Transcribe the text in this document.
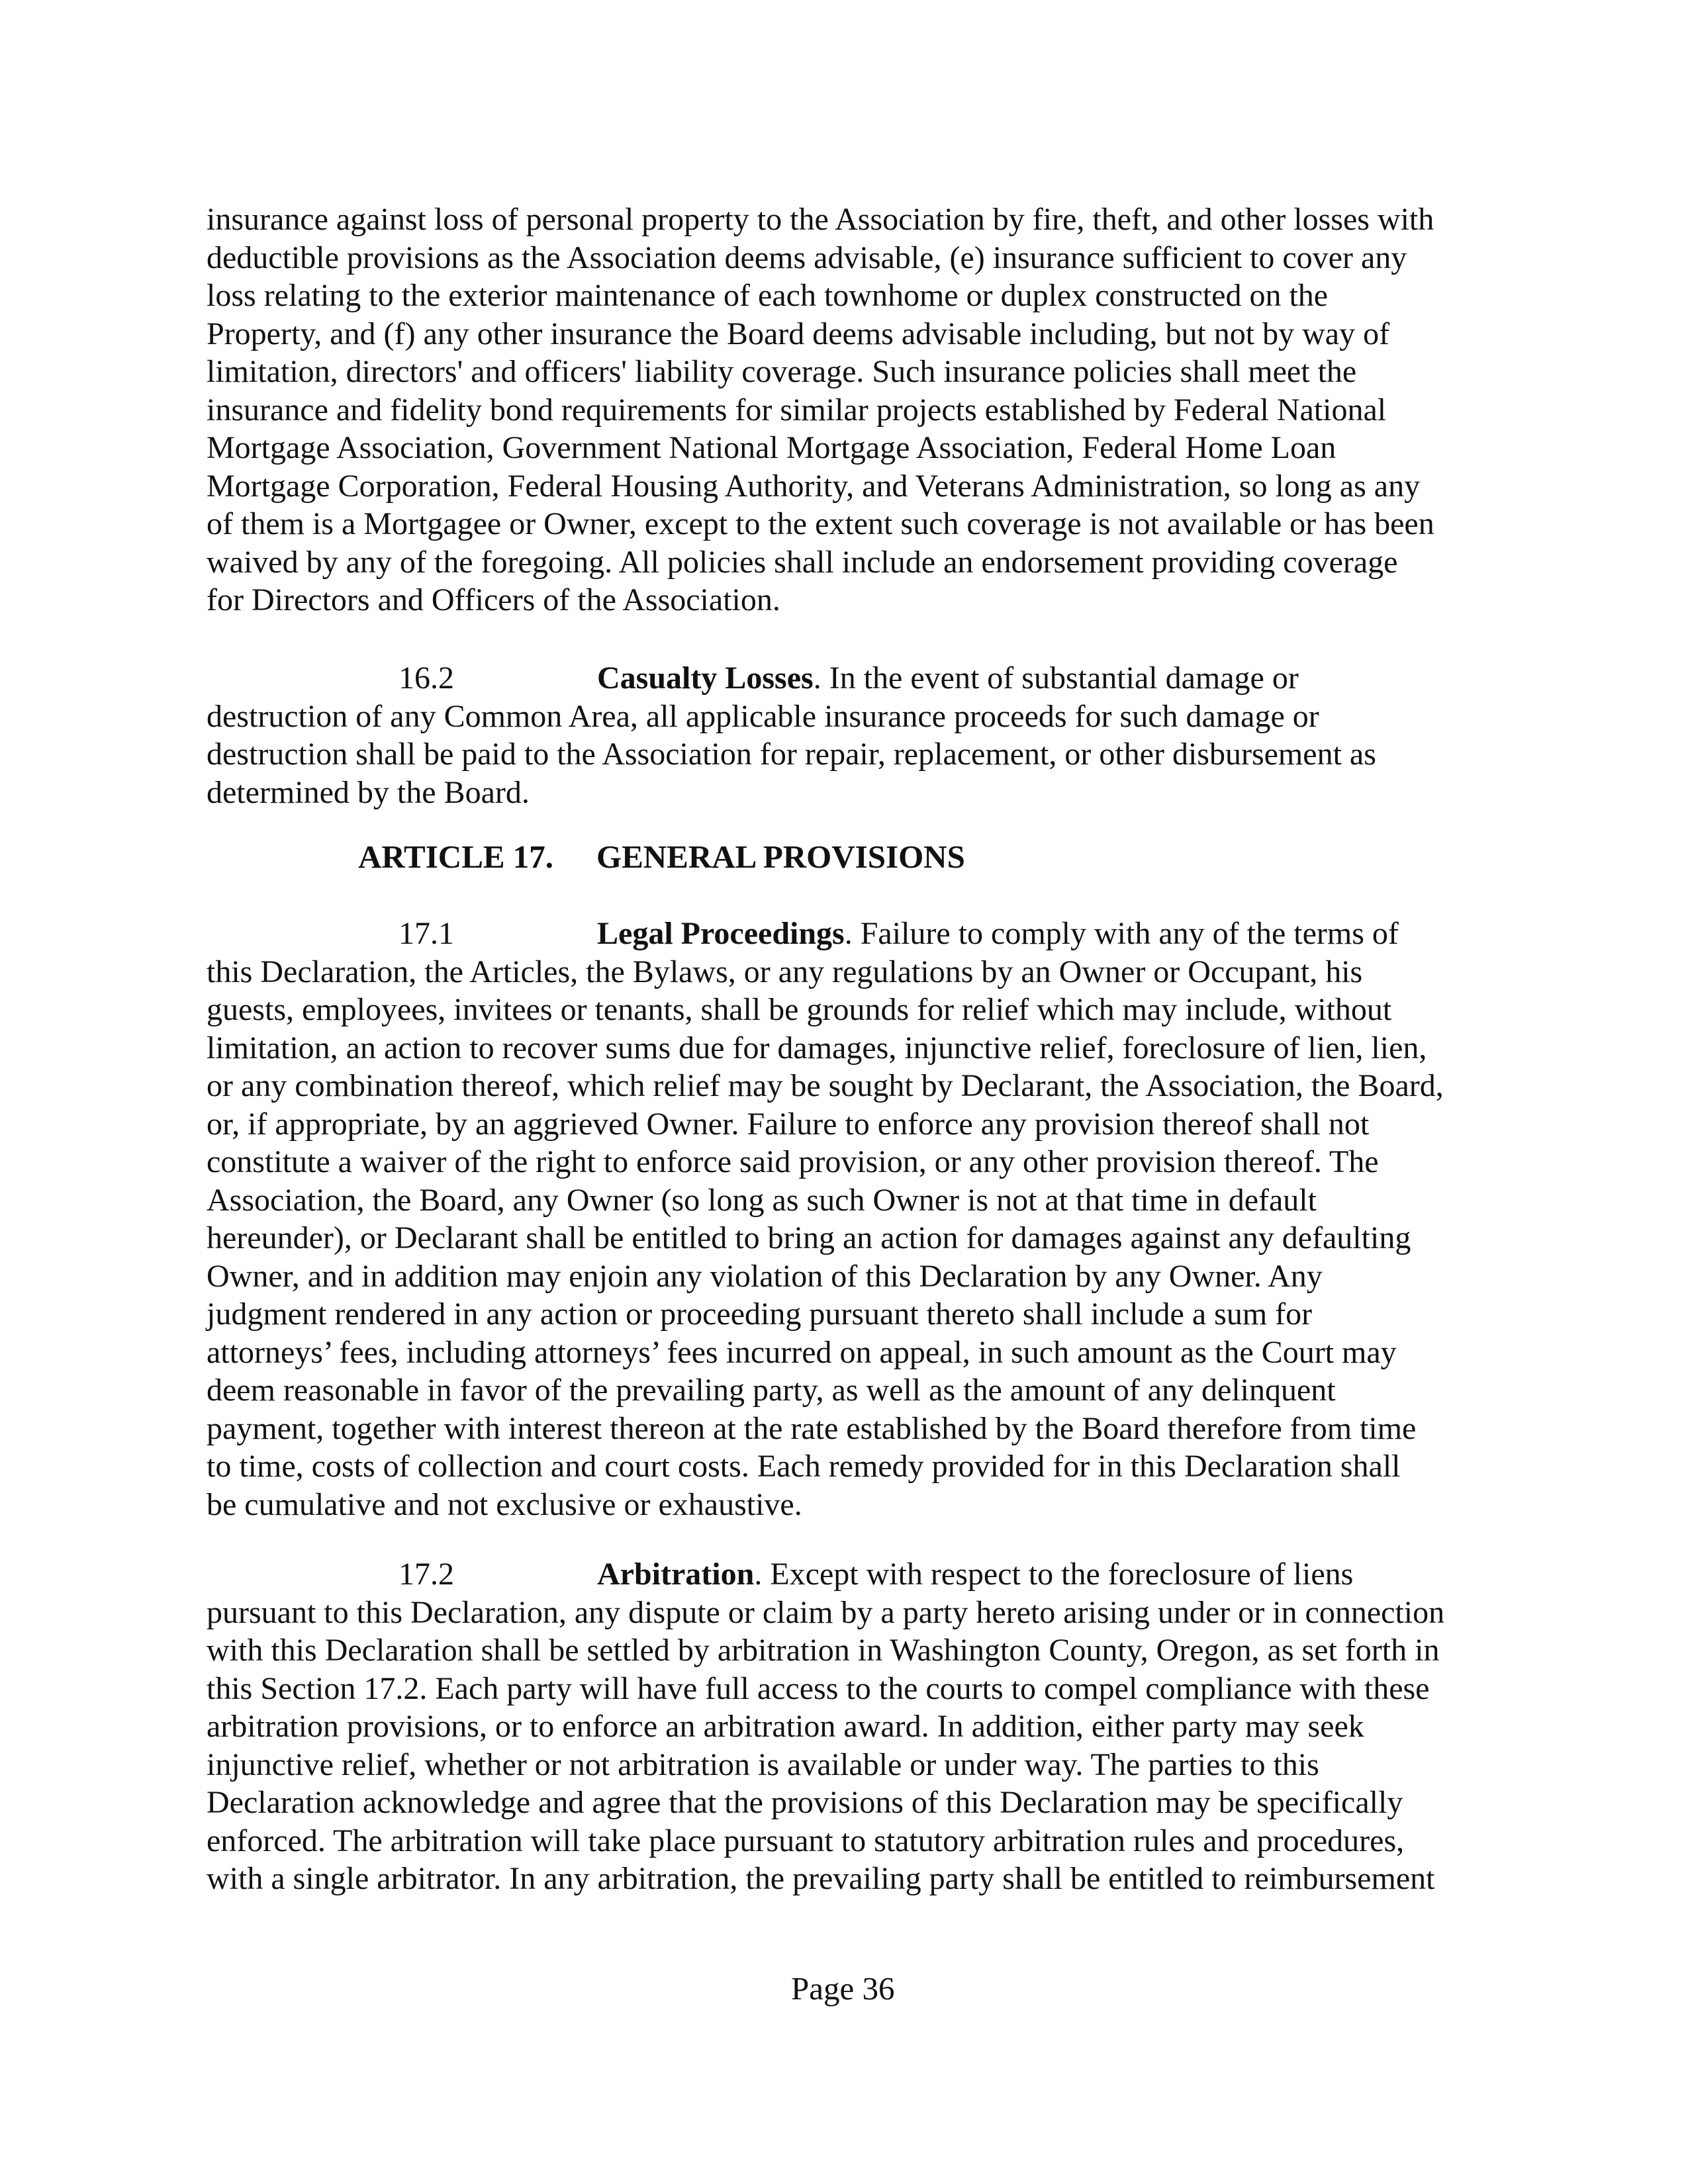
insurance against loss of personal property to the Association by fire, theft, and other losses with
deductible provisions as the Association deems advisable, (e) insurance sufficient to cover any
loss relating to the exterior maintenance of each townhome or duplex constructed on the
Property, and (f) any other insurance the Board deems advisable including, but not by way of
limitation, directors' and officers' liability coverage. Such insurance policies shall meet the
insurance and fidelity bond requirements for similar projects established by Federal National
Mortgage Association, Government National Mortgage Association, Federal Home Loan
Mortgage Corporation, Federal Housing Authority, and Veterans Administration, so long as any
of them is a Mortgagee or Owner, except to the extent such coverage is not available or has been
waived by any of the foregoing. All policies shall include an endorsement providing coverage
for Directors and Officers of the Association.
16.2	Casualty Losses. In the event of substantial damage or
destruction of any Common Area, all applicable insurance proceeds for such damage or
destruction shall be paid to the Association for repair, replacement, or other disbursement as
determined by the Board.
ARTICLE 17. GENERAL PROVISIONS
17.1	Legal Proceedings. Failure to comply with any of the terms of
this Declaration, the Articles, the Bylaws, or any regulations by an Owner or Occupant, his
guests, employees, invitees or tenants, shall be grounds for relief which may include, without
limitation, an action to recover sums due for damages, injunctive relief, foreclosure of lien, lien,
or any combination thereof, which relief may be sought by Declarant, the Association, the Board,
or, if appropriate, by an aggrieved Owner. Failure to enforce any provision thereof shall not
constitute a waiver of the right to enforce said provision, or any other provision thereof. The
Association, the Board, any Owner (so long as such Owner is not at that time in default
hereunder), or Declarant shall be entitled to bring an action for damages against any defaulting
Owner, and in addition may enjoin any violation of this Declaration by any Owner. Any
judgment rendered in any action or proceeding pursuant thereto shall include a sum for
attorneys’ fees, including attorneys’ fees incurred on appeal, in such amount as the Court may
deem reasonable in favor of the prevailing party, as well as the amount of any delinquent
payment, together with interest thereon at the rate established by the Board therefore from time
to time, costs of collection and court costs. Each remedy provided for in this Declaration shall
be cumulative and not exclusive or exhaustive.
17.2	Arbitration. Except with respect to the foreclosure of liens
pursuant to this Declaration, any dispute or claim by a party hereto arising under or in connection
with this Declaration shall be settled by arbitration in Washington County, Oregon, as set forth in
this Section 17.2. Each party will have full access to the courts to compel compliance with these
arbitration provisions, or to enforce an arbitration award. In addition, either party may seek
injunctive relief, whether or not arbitration is available or under way. The parties to this
Declaration acknowledge and agree that the provisions of this Declaration may be specifically
enforced. The arbitration will take place pursuant to statutory arbitration rules and procedures,
with a single arbitrator. In any arbitration, the prevailing party shall be entitled to reimbursement
Page 36
